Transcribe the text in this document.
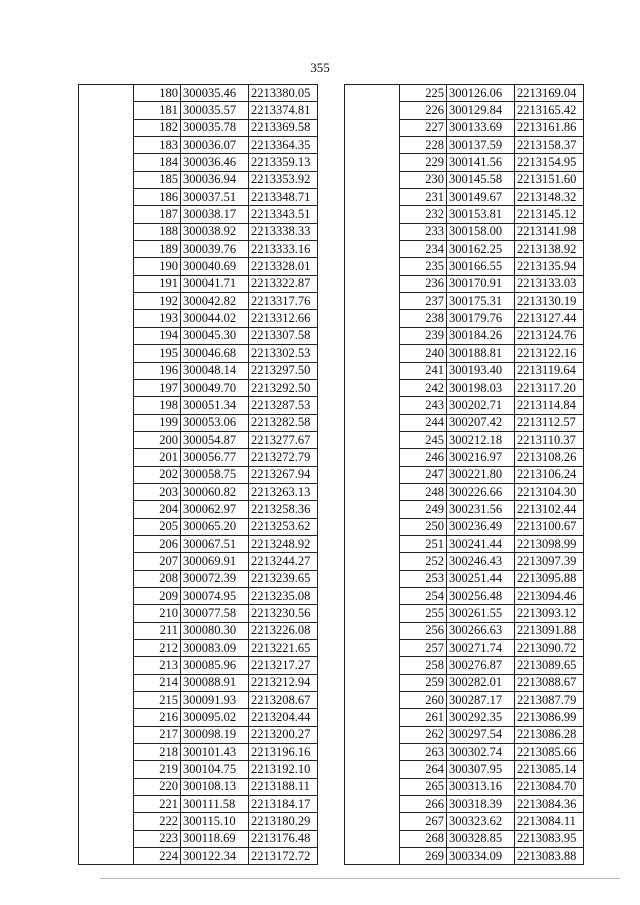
355
	180	300035.46	2213380.05
	181	300035.57	2213374.81
	182	300035.78	2213369.58
	183	300036.07	2213364.35
	184	300036.46	2213359.13
	185	300036.94	2213353.92
	186	300037.51	2213348.71
	187	300038.17	2213343.51
	188	300038.92	2213338.33
	189	300039.76	2213333.16
	190	300040.69	2213328.01
	191	300041.71	2213322.87
	192	300042.82	2213317.76
	193	300044.02	2213312.66
	194	300045.30	2213307.58
	195	300046.68	2213302.53
	196	300048.14	2213297.50
	197	300049.70	2213292.50
	198	300051.34	2213287.53
	199	300053.06	2213282.58
	200	300054.87	2213277.67
	201	300056.77	2213272.79
	202	300058.75	2213267.94
	203	300060.82	2213263.13
	204	300062.97	2213258.36
	205	300065.20	2213253.62
	206	300067.51	2213248.92
	207	300069.91	2213244.27
	208	300072.39	2213239.65
	209	300074.95	2213235.08
	210	300077.58	2213230.56
	211	300080.30	2213226.08
	212	300083.09	2213221.65
	213	300085.96	2213217.27
	214	300088.91	2213212.94
	215	300091.93	2213208.67
	216	300095.02	2213204.44
	217	300098.19	2213200.27
	218	300101.43	2213196.16
	219	300104.75	2213192.10
	220	300108.13	2213188.11
	221	300111.58	2213184.17
	222	300115.10	2213180.29
	223	300118.69	2213176.48
	224	300122.34	2213172.72
	225	300126.06	2213169.04
	226	300129.84	2213165.42
	227	300133.69	2213161.86
	228	300137.59	2213158.37
	229	300141.56	2213154.95
	230	300145.58	2213151.60
	231	300149.67	2213148.32
	232	300153.81	2213145.12
	233	300158.00	2213141.98
	234	300162.25	2213138.92
	235	300166.55	2213135.94
	236	300170.91	2213133.03
	237	300175.31	2213130.19
	238	300179.76	2213127.44
	239	300184.26	2213124.76
	240	300188.81	2213122.16
	241	300193.40	2213119.64
	242	300198.03	2213117.20
	243	300202.71	2213114.84
	244	300207.42	2213112.57
	245	300212.18	2213110.37
	246	300216.97	2213108.26
	247	300221.80	2213106.24
	248	300226.66	2213104.30
	249	300231.56	2213102.44
	250	300236.49	2213100.67
	251	300241.44	2213098.99
	252	300246.43	2213097.39
	253	300251.44	2213095.88
	254	300256.48	2213094.46
	255	300261.55	2213093.12
	256	300266.63	2213091.88
	257	300271.74	2213090.72
	258	300276.87	2213089.65
	259	300282.01	2213088.67
	260	300287.17	2213087.79
	261	300292.35	2213086.99
	262	300297.54	2213086.28
	263	300302.74	2213085.66
	264	300307.95	2213085.14
	265	300313.16	2213084.70
	266	300318.39	2213084.36
	267	300323.62	2213084.11
	268	300328.85	2213083.95
	269	300334.09	2213083.88
